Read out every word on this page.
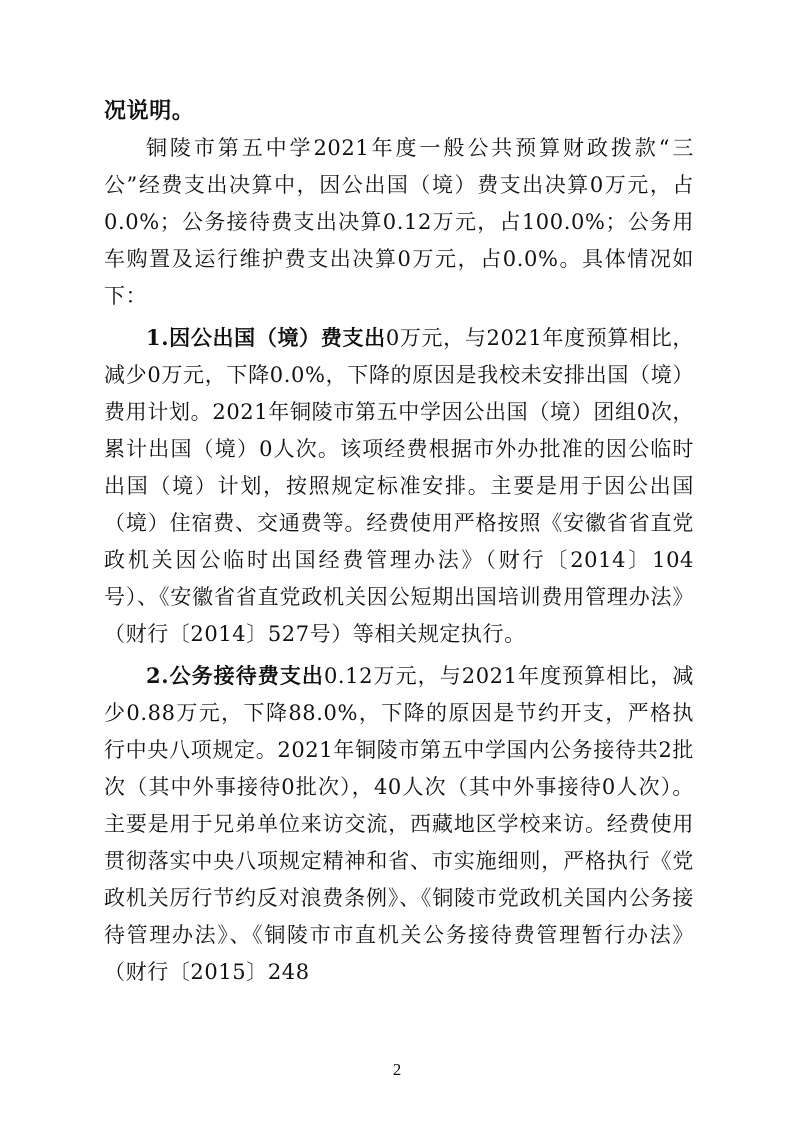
况说明。

铜陵市第五中学2021年度一般公共预算财政拨款“三公”经费支出决算中，因公出国（境）费支出决算0万元，占0.0%；公务接待费支出决算0.12万元，占100.0%；公务用车购置及运行维护费支出决算0万元，占0.0%。具体情况如下：

1.因公出国（境）费支出0万元，与2021年度预算相比，减少0万元，下降0.0%，下降的原因是我校未安排出国（境）费用计划。2021年铜陵市第五中学因公出国（境）团组0次，累计出国（境）0人次。该项经费根据市外办批准的因公临时出国（境）计划，按照规定标准安排。主要是用于因公出国（境）住宿费、交通费等。经费使用严格按照《安徽省省直党政机关因公临时出国经费管理办法》（财行〔2014〕104号）、《安徽省省直党政机关因公短期出国培训费用管理办法》（财行〔2014〕527号）等相关规定执行。

2.公务接待费支出0.12万元，与2021年度预算相比，减少0.88万元，下降88.0%，下降的原因是节约开支，严格执行中央八项规定。2021年铜陵市第五中学国内公务接待共2批次（其中外事接待0批次），40人次（其中外事接待0人次）。主要是用于兄弟单位来访交流，西藏地区学校来访。经费使用贯彻落实中央八项规定精神和省、市实施细则，严格执行《党政机关厉行节约反对浪费条例》、《铜陵市党政机关国内公务接待管理办法》、《铜陵市市直机关公务接待费管理暂行办法》（财行〔2015〕248

2
